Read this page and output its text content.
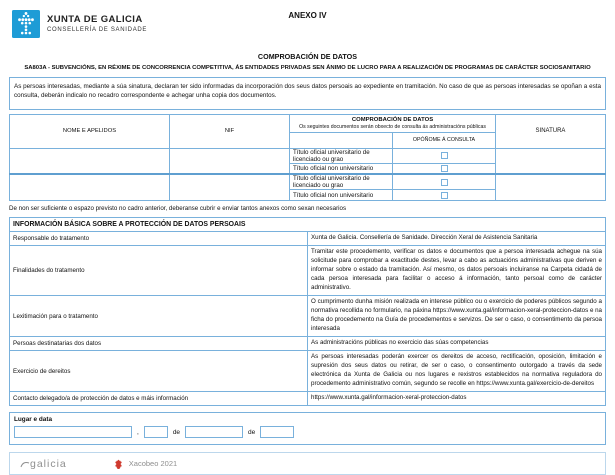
XUNTA DE GALICIA
CONSELLERÍA DE SANIDADE
ANEXO IV
COMPROBACIÓN DE DATOS
SA803A - SUBVENCIÓNS, EN RÉXIME DE CONCORRENCIA COMPETITIVA, ÁS ENTIDADES PRIVADAS SEN ÁNIMO DE LUCRO PARA A REALIZACIÓN DE PROGRAMAS DE CARÁCTER SOCIOSANITARIO
As persoas interesadas, mediante a súa sinatura, declaran ter sido informadas da incorporación dos seus datos persoais ao expediente en tramitación. No caso de que as persoas interesadas se opoñan a esta consulta, deberán indicalo no recadro correspondente e achegar unha copia dos documentos.
NOME E APELIDOS	NIF	COMPROBACIÓN DE DATOS
Os seguintes documentos serán obxecto de consulta ás administracións públicas		SINATURA
			OPÓÑOME Á CONSULTA	
		Título oficial universitario de licenciado ou grao	

		Título oficial non universitario		

		Título oficial universitario de licenciado ou grao	

		Título oficial non universitario		
De non ser suficiente o espazo previsto no cadro anterior, deberanse cubrir e enviar tantos anexos como sexan necesarios
INFORMACIÓN BÁSICA SOBRE A PROTECCIÓN DE DATOS PERSOAIS	
Responsable do tratamento	Xunta de Galicia. Consellería de Sanidade. Dirección Xeral de Asistencia Sanitaria
Finalidades do tratamento	Tramitar este procedemento, verificar os datos e documentos que a persoa interesada achegue na súa solicitude para comprobar a exactitude destes, levar a cabo as actuacións administrativas que deriven e informar sobre o estado da tramitación. Así mesmo, os datos persoais incluiranse na Carpeta cidadá de cada persoa interesada para facilitar o acceso á información, tanto persoal como de carácter administrativo.
Lexitimación para o tratamento	O cumprimento dunha misión realizada en interese público ou o exercicio de poderes públicos segundo a normativa recollida no formulario, na páxina https://www.xunta.gal/informacion-xeral-proteccion-datos e na ficha do procedemento na Guía de procedementos e servizos. De ser o caso, o consentimento da persoa interesada
Persoas destinatarias dos datos	As administracións públicas no exercicio das súas competencias
Exercicio de dereitos	As persoas interesadas poderán exercer os dereitos de acceso, rectificación, oposición, limitación e supresión dos seus datos ou retirar, de ser o caso, o consentimento outorgado a través da sede electrónica da Xunta de Galicia ou nos lugares e rexistros establecidos na normativa reguladora do procedemento administrativo común, segundo se recolle en https://www.xunta.gal/exercicio-de-dereitos
Contacto delegado/a de protección de datos e máis información	https://www.xunta.gal/informacion-xeral-proteccion-datos
Lugar e data
,	de	de
galicia	Xacobeo 2021
